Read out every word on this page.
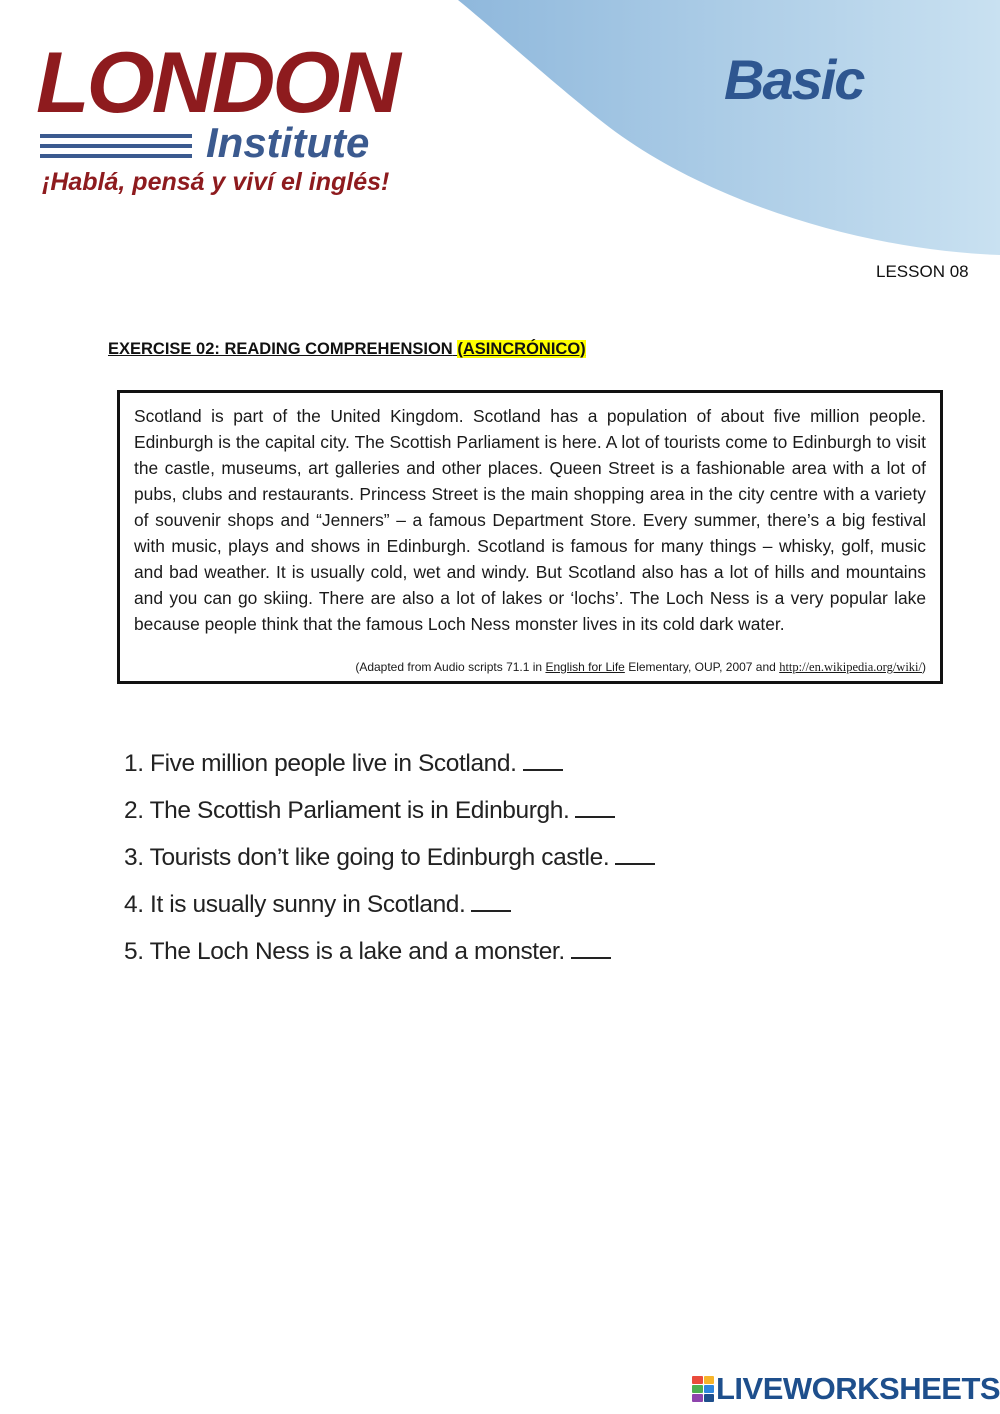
LONDON
Institute
¡Hablá, pensá y viví el inglés!
Basic
LESSON 08
EXERCISE 02: READING COMPREHENSION (ASINCRÓNICO)
Scotland is part of the United Kingdom. Scotland has a population of about five million people. Edinburgh is the capital city. The Scottish Parliament is here. A lot of tourists come to Edinburgh to visit the castle, museums, art galleries and other places. Queen Street is a fashionable area with a lot of pubs, clubs and restaurants. Princess Street is the main shopping area in the city centre with a variety of souvenir shops and “Jenners” – a famous Department Store. Every summer, there’s a big festival with music, plays and shows in Edinburgh. Scotland is famous for many things – whisky, golf, music and bad weather. It is usually cold, wet and windy. But Scotland also has a lot of hills and mountains and you can go skiing. There are also a lot of lakes or ‘lochs’. The Loch Ness is a very popular lake because people think that the famous Loch Ness monster lives in its cold dark water.
(Adapted from Audio scripts 71.1 in English for Life Elementary, OUP, 2007 and http://en.wikipedia.org/wiki/)
1. Five million people live in Scotland.
2. The Scottish Parliament is in Edinburgh.
3. Tourists don’t like going to Edinburgh castle.
4. It is usually sunny in Scotland.
5. The Loch Ness is a lake and a monster.
LIVEWORKSHEETS
